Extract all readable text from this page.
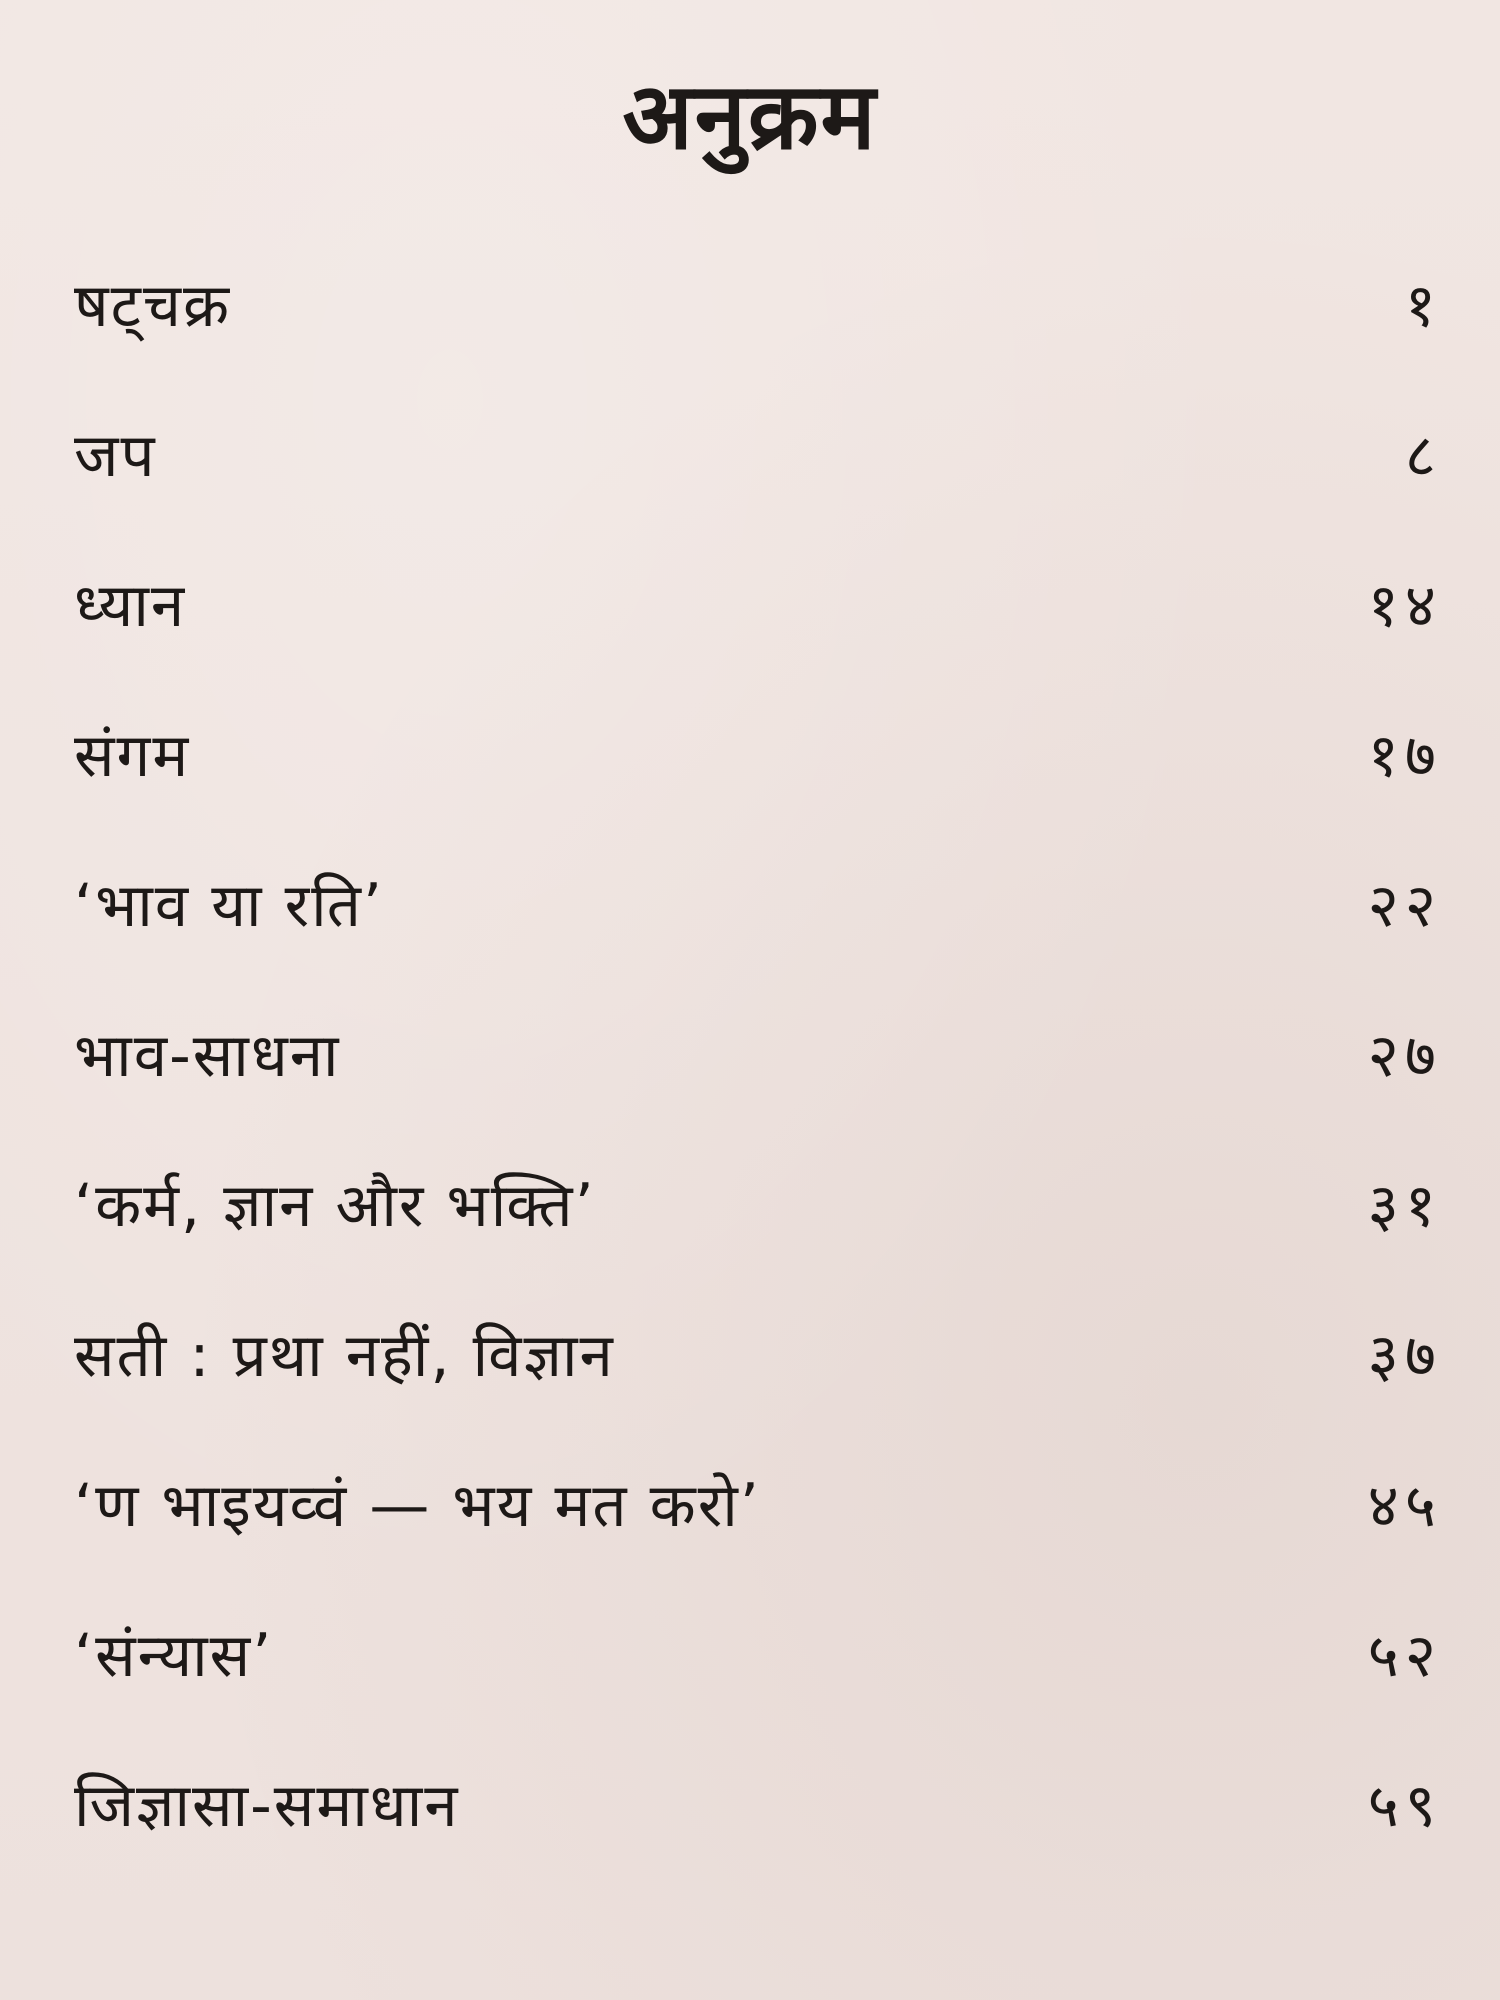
अनुक्रम
षट्चक्र	१
जप	८
ध्यान	१४
संगम	१७
‘भाव या रति’	२२
भाव-साधना	२७
‘कर्म, ज्ञान और भक्ति’	३१
सती : प्रथा नहीं, विज्ञान	३७
‘ण भाइयव्वं — भय मत करो’	४५
‘संन्यास’	५२
जिज्ञासा-समाधान	५९
